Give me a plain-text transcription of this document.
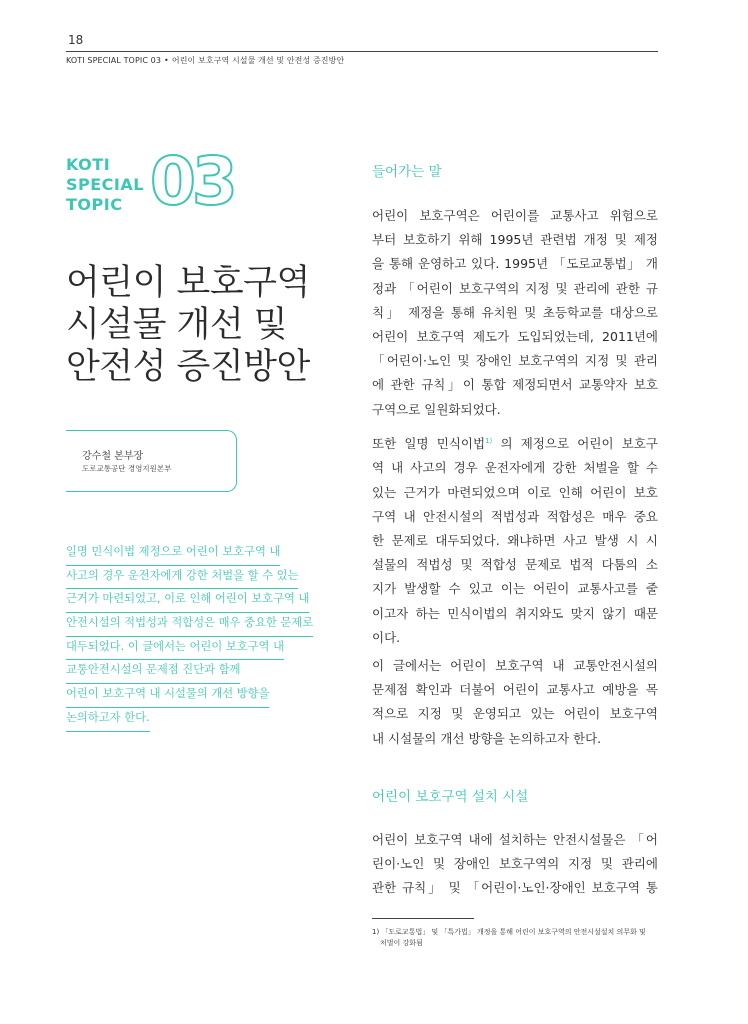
18
KOTI SPECIAL TOPIC 03 • 어린이 보호구역 시설물 개선 및 안전성 증진방안
KOTI
SPECIAL
TOPIC 03
어린이 보호구역
시설물 개선 및
안전성 증진방안
강수철 본부장
도로교통공단 경영지원본부
일명 민식이법 제정으로 어린이 보호구역 내
사고의 경우 운전자에게 강한 처벌을 할 수 있는
근거가 마련되었고, 이로 인해 어린이 보호구역 내
안전시설의 적법성과 적합성은 매우 중요한 문제로
대두되었다. 이 글에서는 어린이 보호구역 내
교통안전시설의 문제점 진단과 함께
어린이 보호구역 내 시설물의 개선 방향을
논의하고자 한다.
들어가는 말
어린이 보호구역은 어린이를 교통사고 위험으로
부터 보호하기 위해 1995년 관련법 개정 및 제정
을 통해 운영하고 있다. 1995년 「도로교통법」 개
정과 「어린이 보호구역의 지정 및 관리에 관한 규
칙」 제정을 통해 유치원 및 초등학교를 대상으로
어린이 보호구역 제도가 도입되었는데, 2011년에
「어린이·노인 및 장애인 보호구역의 지정 및 관리
에 관한 규칙」이 통합 제정되면서 교통약자 보호
구역으로 일원화되었다.
또한 일명 민식이법$^{1)}$ 의 제정으로 어린이 보호구
역 내 사고의 경우 운전자에게 강한 처벌을 할 수
있는 근거가 마련되었으며 이로 인해 어린이 보호
구역 내 안전시설의 적법성과 적합성은 매우 중요
한 문제로 대두되었다. 왜냐하면 사고 발생 시 시
설물의 적법성 및 적합성 문제로 법적 다툼의 소
지가 발생할 수 있고 이는 어린이 교통사고를 줄
이고자 하는 민식이법의 취지와도 맞지 않기 때문
이다.
이 글에서는 어린이 보호구역 내 교통안전시설의
문제점 확인과 더불어 어린이 교통사고 예방을 목
적으로 지정 및 운영되고 있는 어린이 보호구역
내 시설물의 개선 방향을 논의하고자 한다.
어린이 보호구역 설치 시설
어린이 보호구역 내에 설치하는 안전시설물은 「어
린이·노인 및 장애인 보호구역의 지정 및 관리에
관한 규칙」 및 「어린이·노인·장애인 보호구역 통
1) 「도로교통법」 및 「특가법」 개정을 통해 어린이 보호구역의 안전시설설치 의무화 및
처벌이 강화됨
